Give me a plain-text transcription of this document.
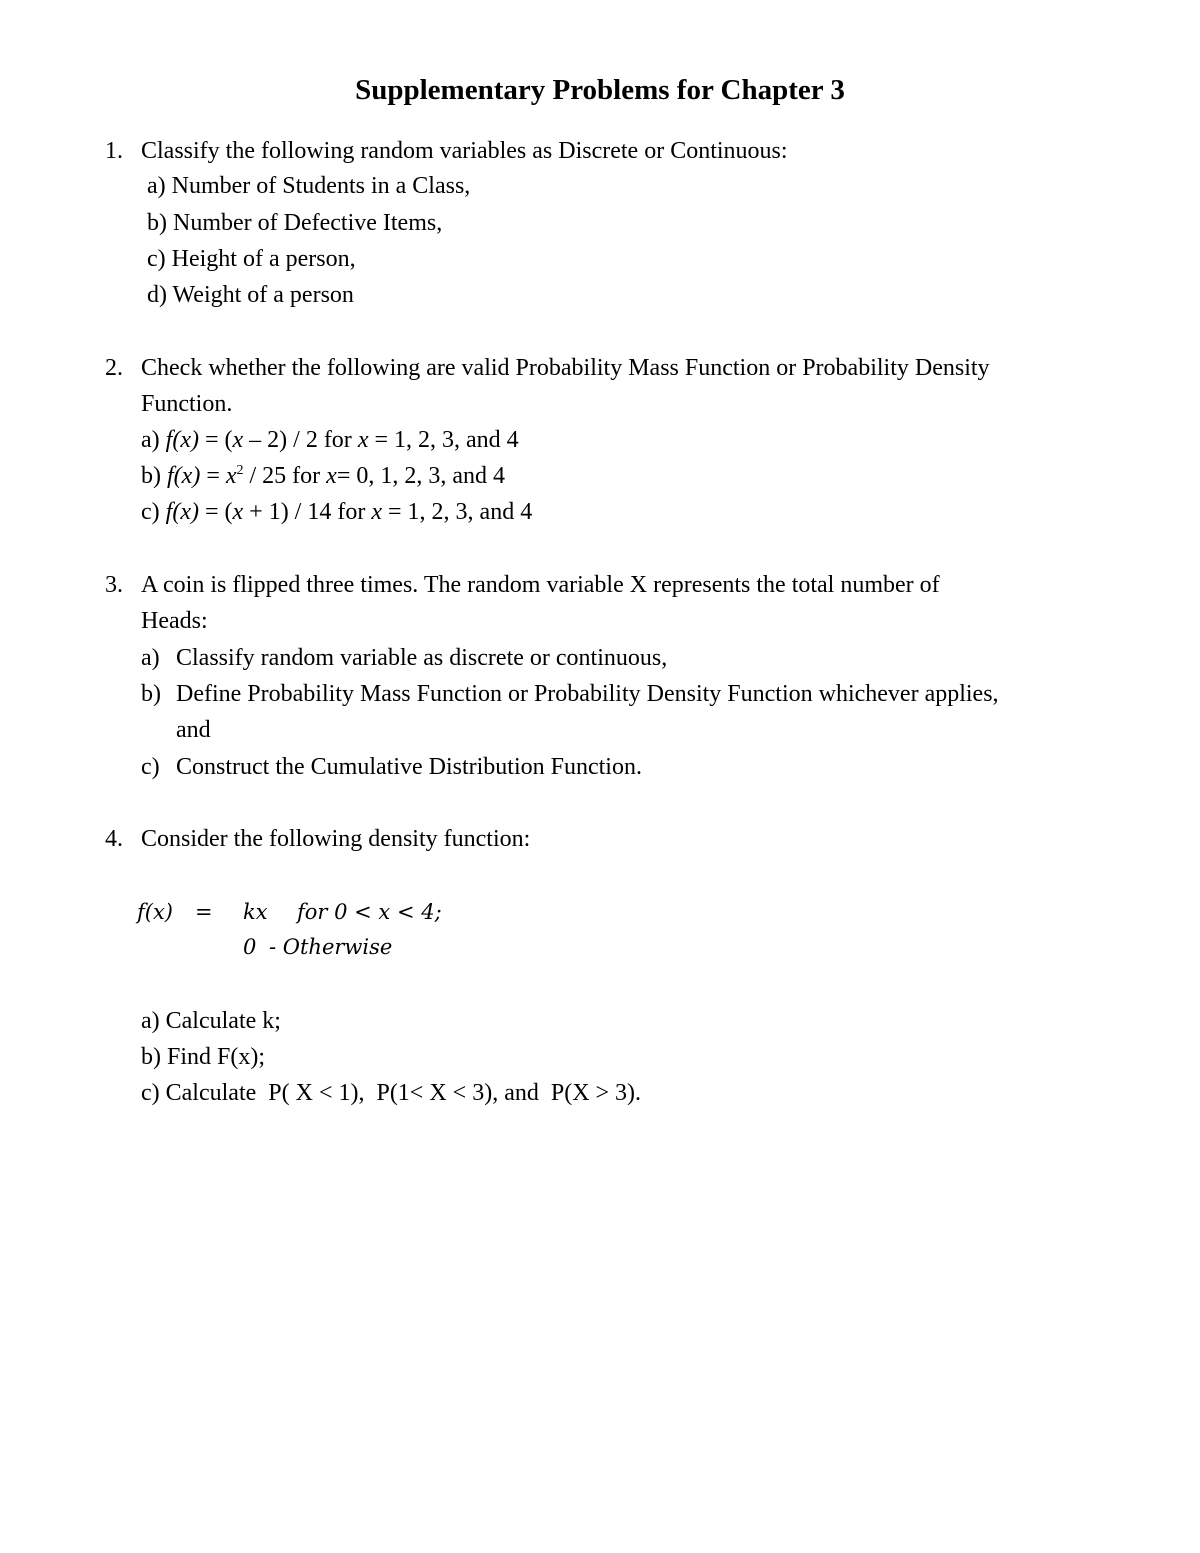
Supplementary Problems for Chapter 3
1. Classify the following random variables as Discrete or Continuous:
a) Number of Students in a Class,
b) Number of Defective Items,
c) Height of a person,
d) Weight of a person
2. Check whether the following are valid Probability Mass Function or Probability Density
Function.
a) f(x) = (x – 2) / 2 for x = 1, 2, 3, and 4
b) $f(x) = x^2 / 25$ for x= 0, 1, 2, 3, and 4
c) f(x) = (x + 1) / 14 for x = 1, 2, 3, and 4
3. A coin is flipped three times. The random variable X represents the total number of
Heads:
a) Classify random variable as discrete or continuous,
b) Define Probability Mass Function or Probability Density Function whichever applies,
and
c) Construct the Cumulative Distribution Function.
4. Consider the following density function:
f(x) = kx for 0 < x < 4;
0 - Otherwise
a) Calculate k;
b) Find F(x);
c) Calculate  P( X < 1),  P(1< X < 3), and  P(X > 3).
